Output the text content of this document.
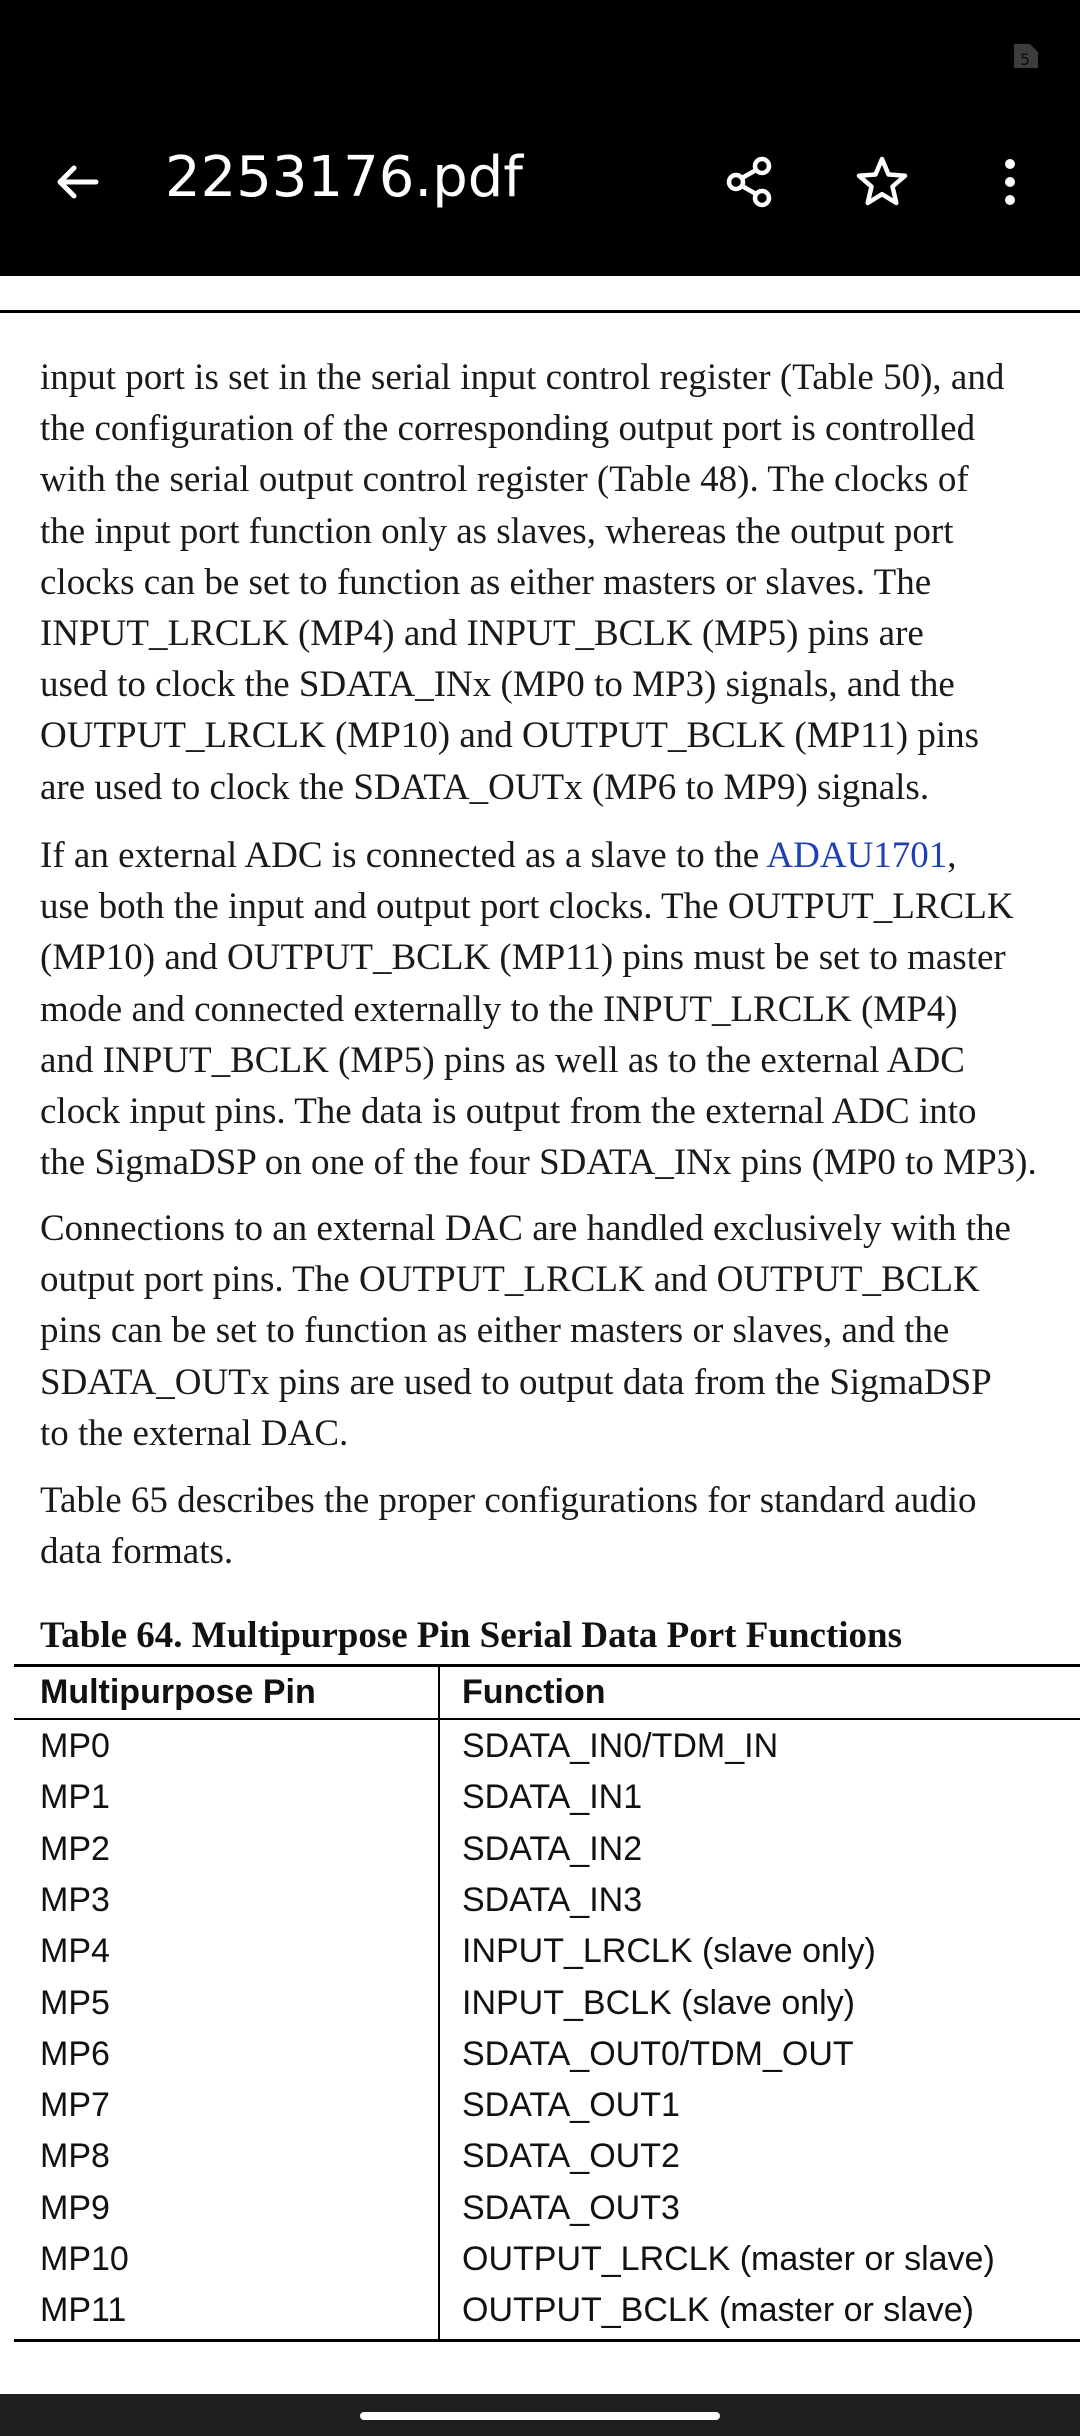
5
2253176.pdf

input port is set in the serial input control register (Table 50), and
the configuration of the corresponding output port is controlled
with the serial output control register (Table 48). The clocks of
the input port function only as slaves, whereas the output port
clocks can be set to function as either masters or slaves. The
INPUT_LRCLK (MP4) and INPUT_BCLK (MP5) pins are
used to clock the SDATA_INx (MP0 to MP3) signals, and the
OUTPUT_LRCLK (MP10) and OUTPUT_BCLK (MP11) pins
are used to clock the SDATA_OUTx (MP6 to MP9) signals.

If an external ADC is connected as a slave to the ADAU1701,
use both the input and output port clocks. The OUTPUT_LRCLK
(MP10) and OUTPUT_BCLK (MP11) pins must be set to master
mode and connected externally to the INPUT_LRCLK (MP4)
and INPUT_BCLK (MP5) pins as well as to the external ADC
clock input pins. The data is output from the external ADC into
the SigmaDSP on one of the four SDATA_INx pins (MP0 to MP3).

Connections to an external DAC are handled exclusively with the
output port pins. The OUTPUT_LRCLK and OUTPUT_BCLK
pins can be set to function as either masters or slaves, and the
SDATA_OUTx pins are used to output data from the SigmaDSP
to the external DAC.

Table 65 describes the proper configurations for standard audio
data formats.

Table 64. Multipurpose Pin Serial Data Port Functions
Multipurpose Pin	Function
MP0	SDATA_IN0/TDM_IN
MP1	SDATA_IN1
MP2	SDATA_IN2
MP3	SDATA_IN3
MP4	INPUT_LRCLK (slave only)
MP5	INPUT_BCLK (slave only)
MP6	SDATA_OUT0/TDM_OUT
MP7	SDATA_OUT1
MP8	SDATA_OUT2
MP9	SDATA_OUT3
MP10	OUTPUT_LRCLK (master or slave)
MP11	OUTPUT_BCLK (master or slave)
